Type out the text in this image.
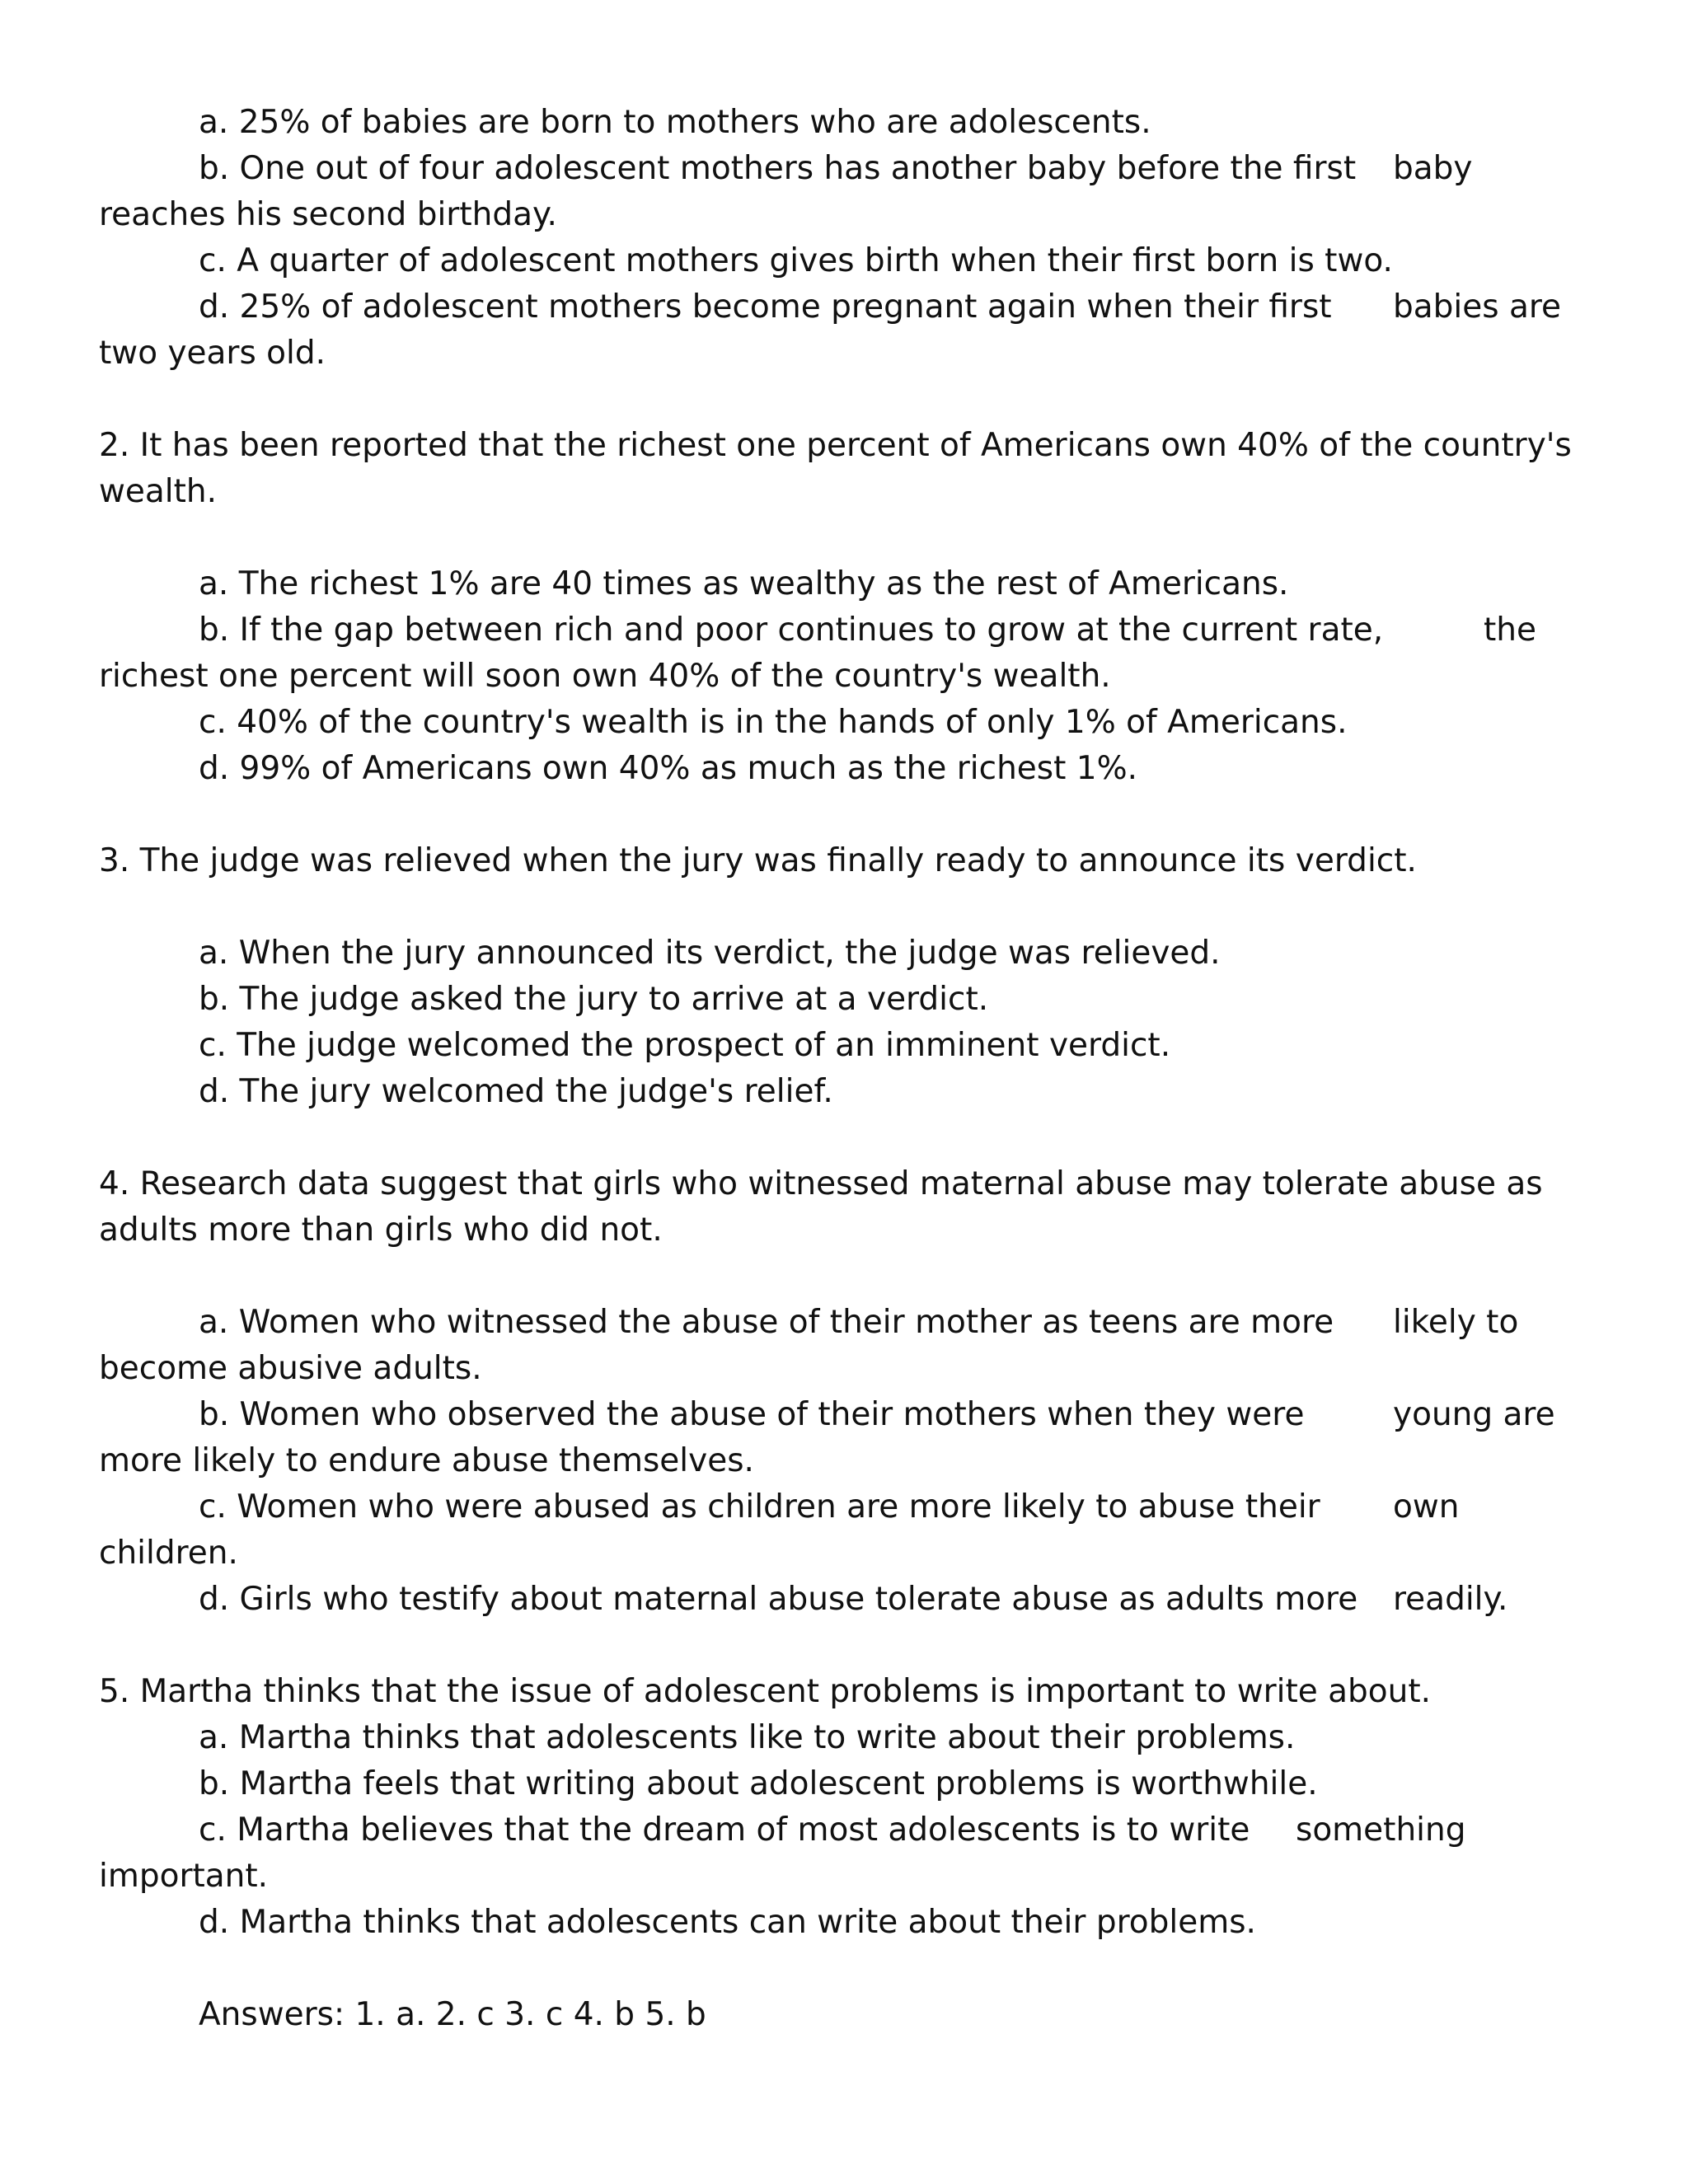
a. 25% of babies are born to mothers who are adolescents.
b. One out of four adolescent mothers has another baby before the first baby
reaches his second birthday.
c. A quarter of adolescent mothers gives birth when their first born is two.
d. 25% of adolescent mothers become pregnant again when their first babies are
two years old.
2. It has been reported that the richest one percent of Americans own 40% of the country's
wealth.
a. The richest 1% are 40 times as wealthy as the rest of Americans.
b. If the gap between rich and poor continues to grow at the current rate,	the
richest one percent will soon own 40% of the country's wealth.
c. 40% of the country's wealth is in the hands of only 1% of Americans.
d. 99% of Americans own 40% as much as the richest 1%.
3. The judge was relieved when the jury was finally ready to announce its verdict.
a. When the jury announced its verdict, the judge was relieved.
b. The judge asked the jury to arrive at a verdict.
c. The judge welcomed the prospect of an imminent verdict.
d. The jury welcomed the judge's relief.
4. Research data suggest that girls who witnessed maternal abuse may tolerate abuse as
adults more than girls who did not.
a. Women who witnessed the abuse of their mother as teens are more likely to
become abusive adults.
b. Women who observed the abuse of their mothers when they were	young are
more likely to endure abuse themselves.
c. Women who were abused as children are more likely to abuse their own
children.
d. Girls who testify about maternal abuse tolerate abuse as adults more readily.
5. Martha thinks that the issue of adolescent problems is important to write about.
a. Martha thinks that adolescents like to write about their problems.
b. Martha feels that writing about adolescent problems is worthwhile.
c. Martha believes that the dream of most adolescents is to write something
important.
d. Martha thinks that adolescents can write about their problems.
Answers: 1. a. 2. c 3. c 4. b 5. b
